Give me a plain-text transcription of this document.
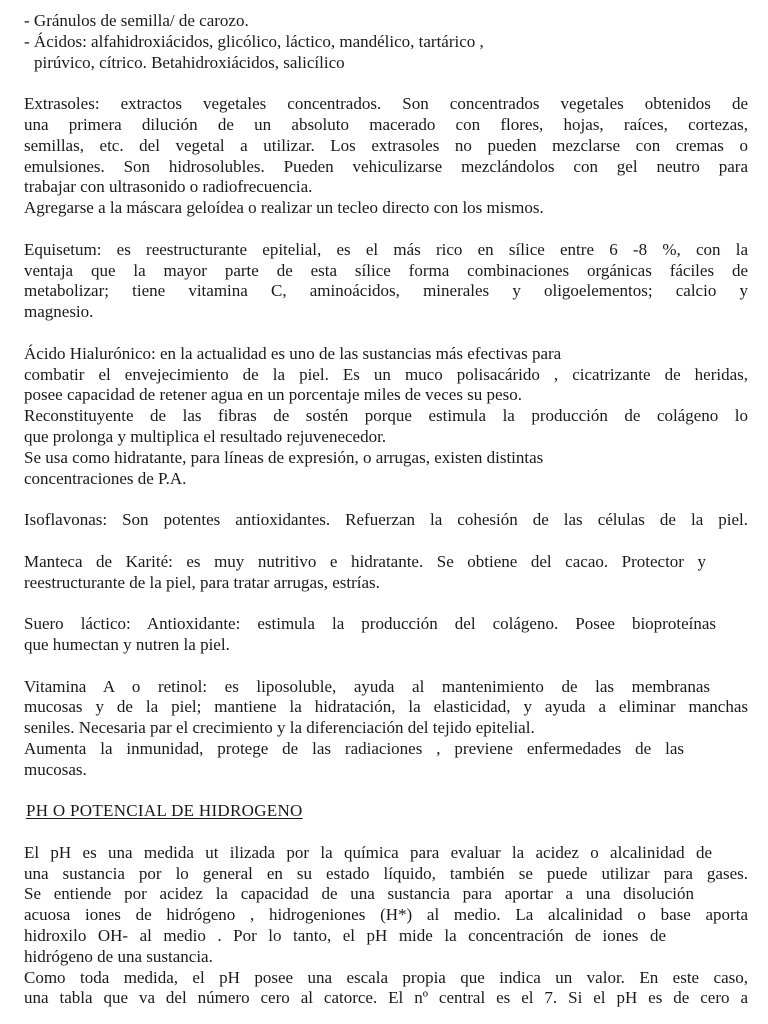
- Gránulos de semilla/ de carozo.
- Ácidos: alfahidroxiácidos, glicólico, láctico, mandélico, tartárico ,
pirúvico, cítrico. Betahidroxiácidos, salicílico
Extrasoles: extractos vegetales concentrados. Son concentrados vegetales obtenidos de
una primera dilución de un absoluto macerado con flores, hojas, raíces, cortezas,
semillas, etc. del vegetal a utilizar. Los extrasoles no pueden mezclarse con cremas o
emulsiones. Son hidrosolubles. Pueden vehiculizarse mezclándolos con gel neutro para
trabajar con ultrasonido o radiofrecuencia.
Agregarse a la máscara geloídea o realizar un tecleo directo con los mismos.
Equisetum: es reestructurante epitelial, es el más rico en sílice entre 6 -8 %, con la
ventaja que la mayor parte de esta sílice forma combinaciones orgánicas fáciles de
metabolizar; tiene vitamina C, aminoácidos, minerales y oligoelementos; calcio y
magnesio.
Ácido Hialurónico: en la actualidad es uno de las sustancias más efectivas para
combatir el envejecimiento de la piel. Es un muco polisacárido , cicatrizante de heridas,
posee capacidad de retener agua en un porcentaje miles de veces su peso.
Reconstituyente de las fibras de sostén porque estimula la producción de colágeno lo
que prolonga y multiplica el resultado rejuvenecedor.
Se usa como hidratante, para líneas de expresión, o arrugas, existen distintas
concentraciones de P.A.
Isoflavonas: Son potentes antioxidantes. Refuerzan la cohesión de las células de la piel.
Manteca de Karité: es muy nutritivo e hidratante. Se obtiene del cacao. Protector y
reestructurante de la piel, para tratar arrugas, estrías.
Suero láctico: Antioxidante: estimula la producción del colágeno. Posee bioproteínas
que humectan y nutren la piel.
Vitamina A o retinol: es liposoluble, ayuda al mantenimiento de las membranas
mucosas y de la piel; mantiene la hidratación, la elasticidad, y ayuda a eliminar manchas
seniles. Necesaria par el crecimiento y la diferenciación del tejido epitelial.
Aumenta la inmunidad, protege de las radiaciones , previene enfermedades de las
mucosas.
PH O POTENCIAL DE HIDROGENO
El pH es una medida ut ilizada por la química para evaluar la acidez o alcalinidad de
una sustancia por lo general en su estado líquido, también se puede utilizar para gases.
Se entiende por acidez la capacidad de una sustancia para aportar a una disolución
acuosa iones de hidrógeno , hidrogeniones (H*) al medio. La alcalinidad o base aporta
hidroxilo OH- al medio . Por lo tanto, el pH mide la concentración de iones de
hidrógeno de una sustancia.
Como toda medida, el pH posee una escala propia que indica un valor. En este caso,
una tabla que va del número cero al catorce. El nº central es el 7. Si el pH es de cero a
